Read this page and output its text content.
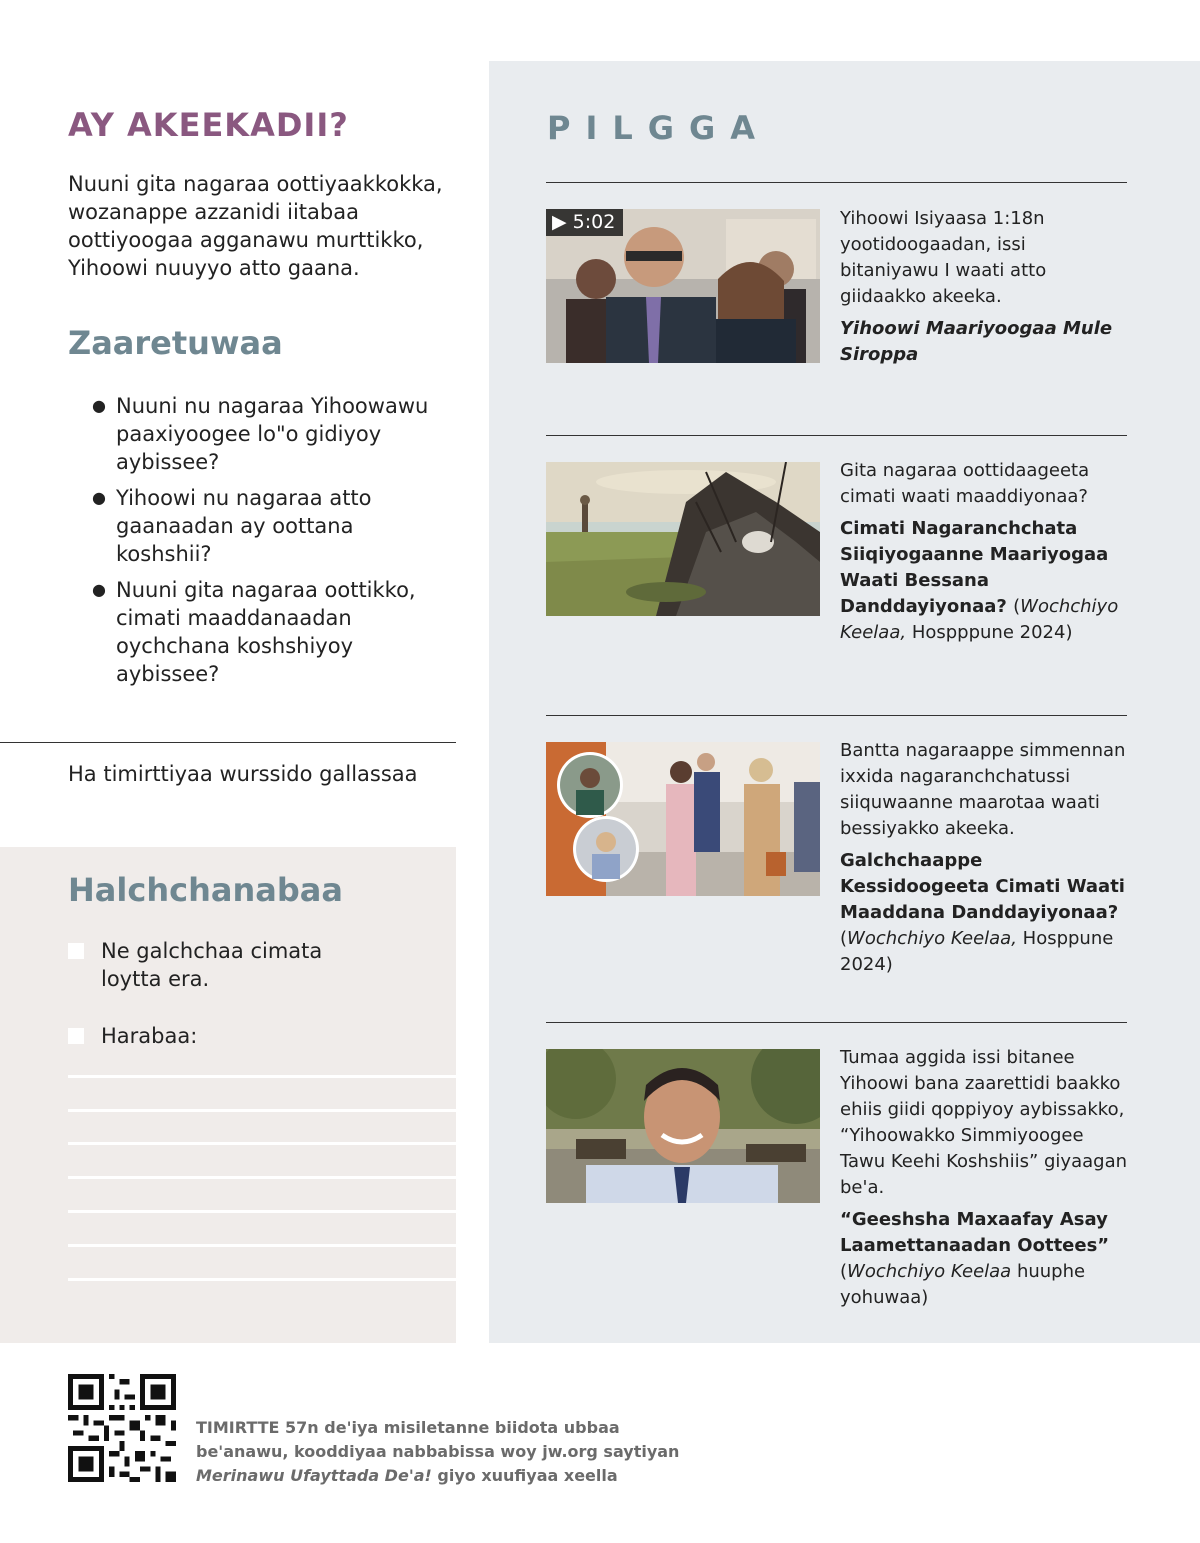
AY AKEEKADII?

Nuuni gita nagaraa oottiyaakkokka, wozanappe azzanidi iitabaa oottiyoogaa agganawu murttikko, Yihoowi nuuyyo atto gaana.

Zaaretuwaa
● Nuuni nu nagaraa Yihoowawu paaxiyoogee lo"o gidiyoy aybissee?
● Yihoowi nu nagaraa atto gaanaadan ay oottana koshshii?
● Nuuni gita nagaraa oottikko, cimati maaddanaadan oychchana koshshiyoy aybissee?
Ha timirttiyaa wurssido gallassaa
Halchchanabaa
Ne galchchaa cimata loytta era.
Harabaa:
PILGGA
▶ 5:02	Yihoowi Isiyaasa 1:18n yootidoogaadan, issi bitaniyawu I waati atto giidaakko akeeka.
Yihoowi Maariyoogaa Mule Siroppa
Gita nagaraa oottidaageeta cimati waati maaddiyonaa?
Cimati Nagaranchchata Siiqiyogaanne Maariyogaa Waati Bessana Danddayiyonaa? (Wochchiyo Keelaa, Hospppune 2024)
Bantta nagaraappe simmennan ixxida nagaranchchatussi siiquwaanne maarotaa waati bessiyakko akeeka.
Galchchaappe Kessidoogeeta Cimati Waati Maaddana Danddayiyonaa? (Wochchiyo Keelaa, Hosppune 2024)
Tumaa aggida issi bitanee Yihoowi bana zaarettidi baakko ehiis giidi qoppiyoy aybissakko, “Yihoowakko Simmiyoogee Tawu Keehi Koshshiis” giyaagan be'a.
“Geeshsha Maxaafay Asay Laamettanaadan Oottees” (Wochchiyo Keelaa huuphe yohuwaa)

TIMIRTTE 57n de'iya misiletanne biidota ubbaa be'anawu, kooddiyaa nabbabissa woy jw.org saytiyan Merinawu Ufayttada De'a! giyo xuufiyaa xeella
